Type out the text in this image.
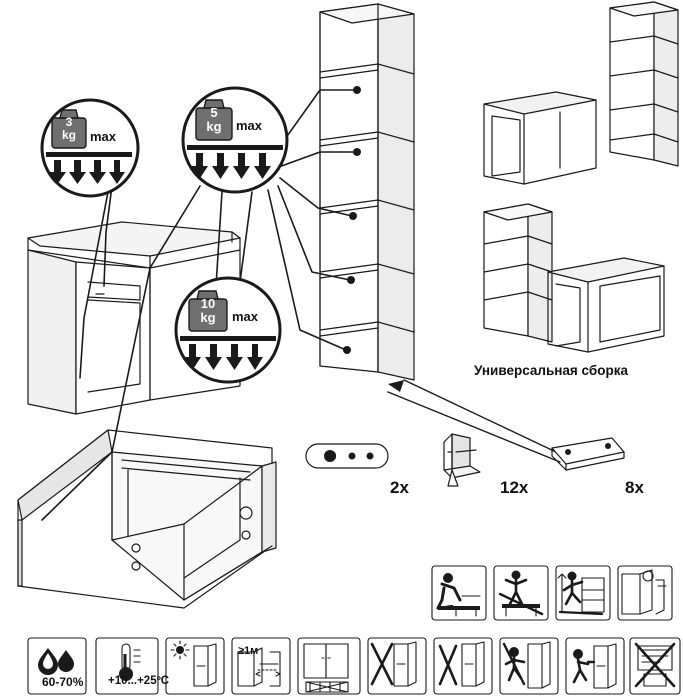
3
kg	max
5
kg	max
10
kg	max
Универсальная сборка
2x	12x	8x
60-70% +10...+25ºC
≥1м
